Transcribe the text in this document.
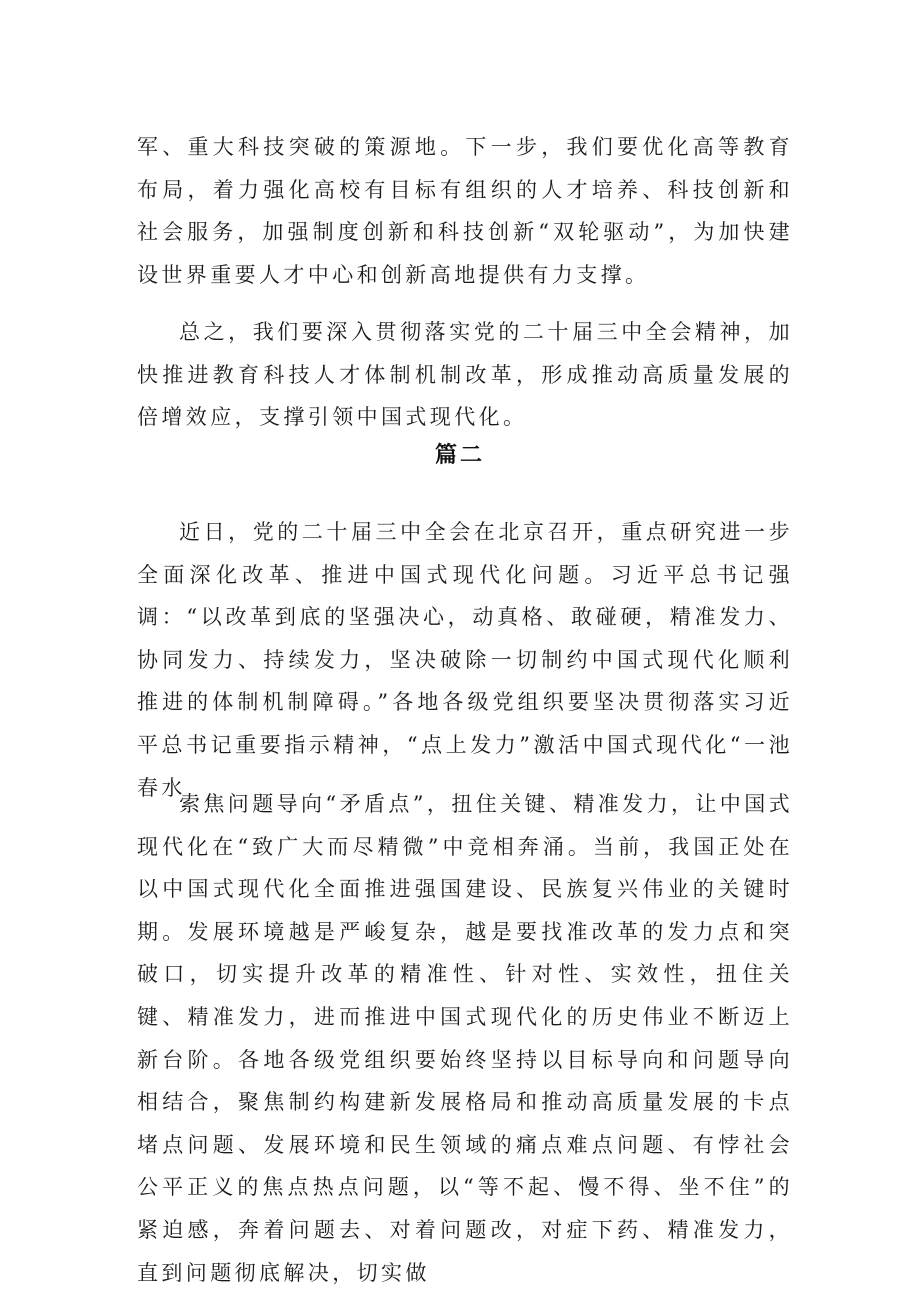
军、重大科技突破的策源地。下一步，我们要优化高等教育布局，着力强化高校有目标有组织的人才培养、科技创新和社会服务，加强制度创新和科技创新“双轮驱动”，为加快建设世界重要人才中心和创新高地提供有力支撑。

总之，我们要深入贯彻落实党的二十届三中全会精神，加快推进教育科技人才体制机制改革，形成推动高质量发展的倍增效应，支撑引领中国式现代化。

篇二

近日，党的二十届三中全会在北京召开，重点研究进一步全面深化改革、推进中国式现代化问题。习近平总书记强调：“以改革到底的坚强决心，动真格、敢碰硬，精准发力、协同发力、持续发力，坚决破除一切制约中国式现代化顺利推进的体制机制障碍。”各地各级党组织要坚决贯彻落实习近平总书记重要指示精神，“点上发力”激活中国式现代化“一池春水

索焦问题导向“矛盾点”，扭住关键、精准发力，让中国式现代化在“致广大而尽精微”中竞相奔涌。当前，我国正处在以中国式现代化全面推进强国建设、民族复兴伟业的关键时期。发展环境越是严峻复杂，越是要找准改革的发力点和突破口，切实提升改革的精准性、针对性、实效性，扭住关键、精准发力，进而推进中国式现代化的历史伟业不断迈上新台阶。各地各级党组织要始终坚持以目标导向和问题导向相结合，聚焦制约构建新发展格局和推动高质量发展的卡点堵点问题、发展环境和民生领域的痛点难点问题、有悖社会公平正义的焦点热点问题，以“等不起、慢不得、坐不住”的紧迫感，奔着问题去、对着问题改，对症下药、精准发力，直到问题彻底解决，切实做
